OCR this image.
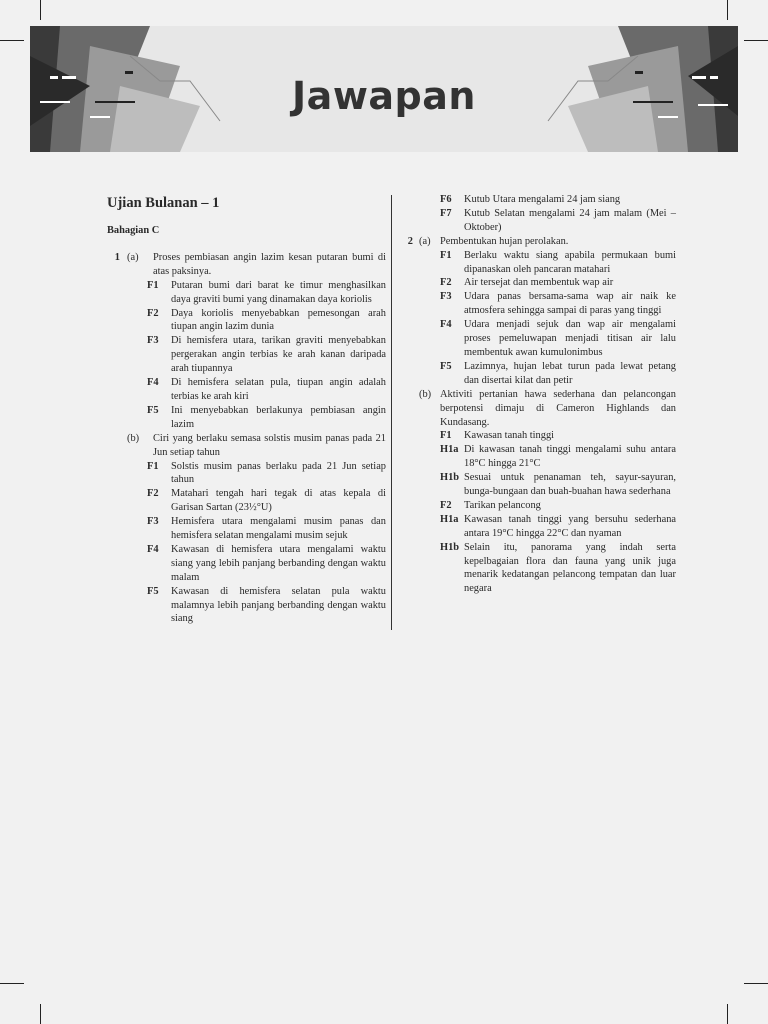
Jawapan
Ujian Bulanan – 1
Bahagian C
1 (a)	Proses pembiasan angin lazim kesan putaran bumi di atas paksinya.
F1	Putaran bumi dari barat ke timur menghasilkan daya graviti bumi yang dinamakan daya koriolis
F2	Daya koriolis menyebabkan pemesongan arah tiupan angin lazim dunia
F3	Di hemisfera utara, tarikan graviti menyebabkan pergerakan angin terbias ke arah kanan daripada arah tiupannya
F4	Di hemisfera selatan pula, tiupan angin adalah terbias ke arah kiri
F5	Ini menyebabkan berlakunya pembiasan angin lazim
(b)	Ciri yang berlaku semasa solstis musim panas pada 21 Jun setiap tahun
F1	Solstis musim panas berlaku pada 21 Jun setiap tahun
F2	Matahari tengah hari tegak di atas kepala di Garisan Sartan (23½°U)
F3	Hemisfera utara mengalami musim panas dan hemisfera selatan mengalami musim sejuk
F4	Kawasan di hemisfera utara mengalami waktu siang yang lebih panjang berbanding dengan waktu malam
F5	Kawasan di hemisfera selatan pula waktu malamnya lebih panjang berbanding dengan waktu siang
F6	Kutub Utara mengalami 24 jam siang
F7	Kutub Selatan mengalami 24 jam malam (Mei – Oktober)
2 (a) Pembentukan hujan perolakan.
F1	Berlaku waktu siang apabila permukaan bumi dipanaskan oleh pancaran matahari
F2	Air tersejat dan membentuk wap air
F3	Udara panas bersama-sama wap air naik ke atmosfera sehingga sampai di paras yang tinggi
F4	Udara menjadi sejuk dan wap air mengalami proses pemeluwapan menjadi titisan air lalu membentuk awan kumulonimbus
F5	Lazimnya, hujan lebat turun pada lewat petang dan disertai kilat dan petir
(b) Aktiviti pertanian hawa sederhana dan pelancongan berpotensi dimaju di Cameron Highlands dan Kundasang.
F1	Kawasan tanah tinggi
H1a Di kawasan tanah tinggi mengalami suhu antara 18°C hingga 21°C
H1b Sesuai untuk penanaman teh, sayur-sayuran, bunga-bungaan dan buah-buahan hawa sederhana
F2	Tarikan pelancong
H1a Kawasan tanah tinggi yang bersuhu sederhana antara 19°C hingga 22°C dan nyaman
H1b Selain itu, panorama yang indah serta kepelbagaian flora dan fauna yang unik juga menarik kedatangan pelancong tempatan dan luar negara
